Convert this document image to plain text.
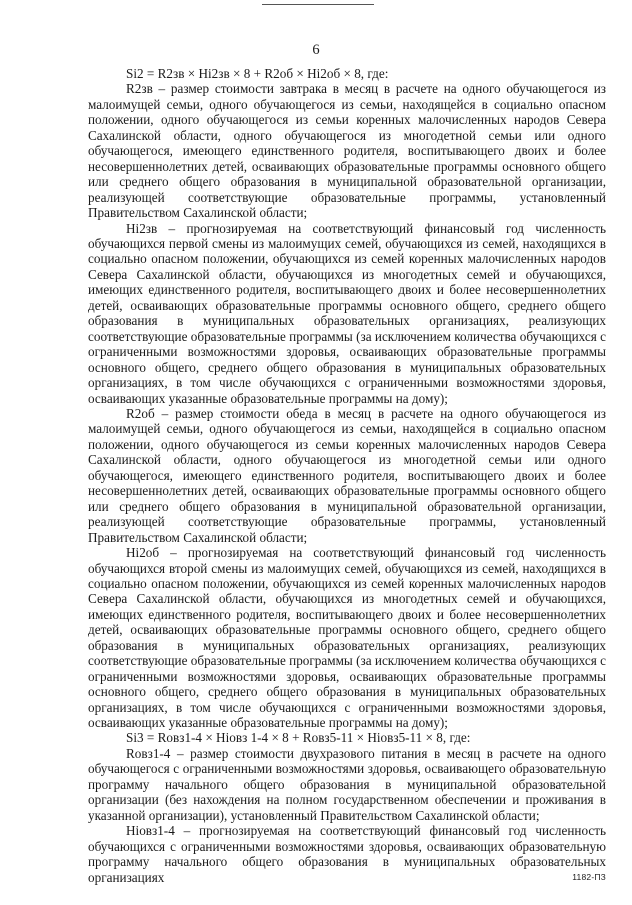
6

Si2 = R2зв × Hi2зв × 8 + R2об × Hi2об × 8, где:

R2зв – размер стоимости завтрака в месяц в расчете на одного обучающегося из малоимущей семьи, одного обучающегося из семьи, находящейся в социально опасном положении, одного обучающегося из семьи коренных малочисленных народов Севера Сахалинской области, одного обучающегося из многодетной семьи или одного обучающегося, имеющего единственного родителя, воспитывающего двоих и более несовершеннолетних детей, осваивающих образовательные программы основного общего или среднего общего образования в муниципальной образовательной организации, реализующей соответствующие образовательные программы, установленный Правительством Сахалинской области;

Hi2зв – прогнозируемая на соответствующий финансовый год численность обучающихся первой смены из малоимущих семей, обучающихся из семей, находящихся в социально опасном положении, обучающихся из семей коренных малочисленных народов Севера Сахалинской области, обучающихся из многодетных семей и обучающихся, имеющих единственного родителя, воспитывающего двоих и более несовершеннолетних детей, осваивающих образовательные программы основного общего, среднего общего образования в муниципальных образовательных организациях, реализующих соответствующие образовательные программы (за исключением количества обучающихся с ограниченными возможностями здоровья, осваивающих образовательные программы основного общего, среднего общего образования в муниципальных образовательных организациях, в том числе обучающихся с ограниченными возможностями здоровья, осваивающих указанные образовательные программы на дому);

R2об – размер стоимости обеда в месяц в расчете на одного обучающегося из малоимущей семьи, одного обучающегося из семьи, находящейся в социально опасном положении, одного обучающегося из семьи коренных малочисленных народов Севера Сахалинской области, одного обучающегося из многодетной семьи или одного обучающегося, имеющего единственного родителя, воспитывающего двоих и более несовершеннолетних детей, осваивающих образовательные программы основного общего или среднего общего образования в муниципальной образовательной организации, реализующей соответствующие образовательные программы, установленный Правительством Сахалинской области;

Hi2об – прогнозируемая на соответствующий финансовый год численность обучающихся второй смены из малоимущих семей, обучающихся из семей, находящихся в социально опасном положении, обучающихся из семей коренных малочисленных народов Севера Сахалинской области, обучающихся из многодетных семей и обучающихся, имеющих единственного родителя, воспитывающего двоих и более несовершеннолетних детей, осваивающих образовательные программы основного общего, среднего общего образования в муниципальных образовательных организациях, реализующих соответствующие образовательные программы (за исключением количества обучающихся с ограниченными возможностями здоровья, осваивающих образовательные программы основного общего, среднего общего образования в муниципальных образовательных организациях, в том числе обучающихся с ограниченными возможностями здоровья, осваивающих указанные образовательные программы на дому);

Si3 = Rовз1-4 × Hiовз 1-4 × 8 + Rовз5-11 × Hiовз5-11 × 8, где:

Rовз1-4 – размер стоимости двухразового питания в месяц в расчете на одного обучающегося с ограниченными возможностями здоровья, осваивающего образовательную программу начального общего образования в муниципальной образовательной организации (без нахождения на полном государственном обеспечении и проживания в указанной организации), установленный Правительством Сахалинской области;

Hiовз1-4 – прогнозируемая на соответствующий финансовый год численность обучающихся с ограниченными возможностями здоровья, осваивающих образовательную программу начального общего образования в муниципальных образовательных организациях	1182-ПЗ
